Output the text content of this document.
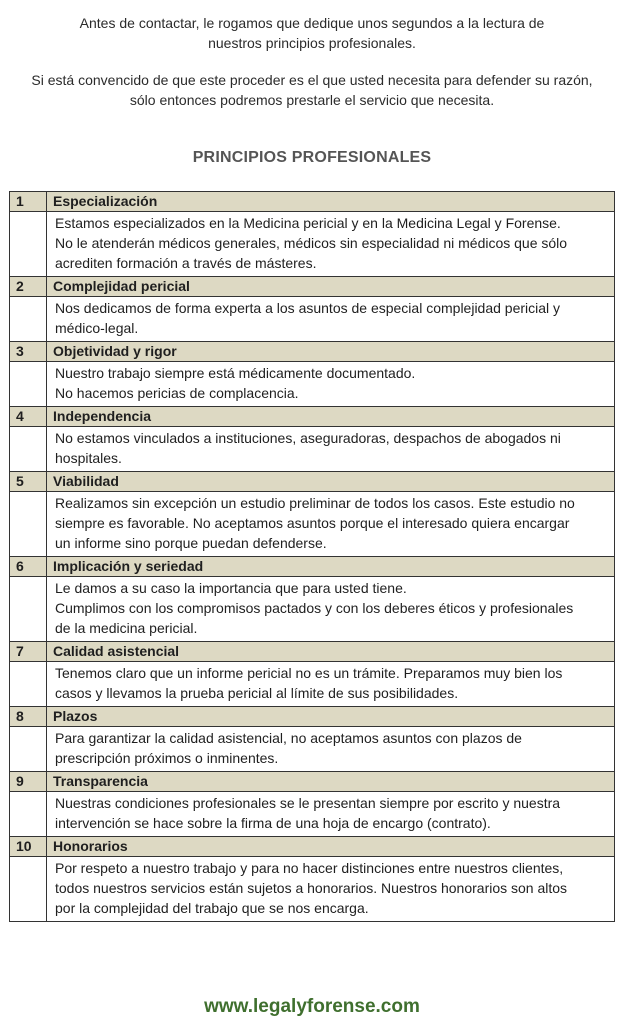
Antes de contactar, le rogamos que dedique unos segundos a la lectura de

nuestros principios profesionales.

Si está convencido de que este proceder es el que usted necesita para defender su razón,

sólo entonces podremos prestarle el servicio que necesita.

PRINCIPIOS PROFESIONALES
1	Especialización

	Estamos especializados en la Medicina pericial y en la Medicina Legal y Forense.
No le atenderán médicos generales, médicos sin especialidad ni médicos que sólo
acrediten formación a través de másteres.

2	Complejidad pericial

	Nos dedicamos de forma experta a los asuntos de especial complejidad pericial y
médico-legal.

3	Objetividad y rigor

	Nuestro trabajo siempre está médicamente documentado.
No hacemos pericias de complacencia.

4	Independencia

	No estamos vinculados a instituciones, aseguradoras, despachos de abogados ni
hospitales.

5	Viabilidad

	Realizamos sin excepción un estudio preliminar de todos los casos. Este estudio no
siempre es favorable. No aceptamos asuntos porque el interesado quiera encargar
un informe sino porque puedan defenderse.

6	Implicación y seriedad

	Le damos a su caso la importancia que para usted tiene.
Cumplimos con los compromisos pactados y con los deberes éticos y profesionales
de la medicina pericial.

7	Calidad asistencial

	Tenemos claro que un informe pericial no es un trámite. Preparamos muy bien los
casos y llevamos la prueba pericial al límite de sus posibilidades.

8	Plazos

	Para garantizar la calidad asistencial, no aceptamos asuntos con plazos de
prescripción próximos o inminentes.

9	Transparencia

	Nuestras condiciones profesionales se le presentan siempre por escrito y nuestra
intervención se hace sobre la firma de una hoja de encargo (contrato).

10	Honorarios

	Por respeto a nuestro trabajo y para no hacer distinciones entre nuestros clientes,
todos nuestros servicios están sujetos a honorarios. Nuestros honorarios son altos
por la complejidad del trabajo que se nos encarga.
www.legalyforense.com
